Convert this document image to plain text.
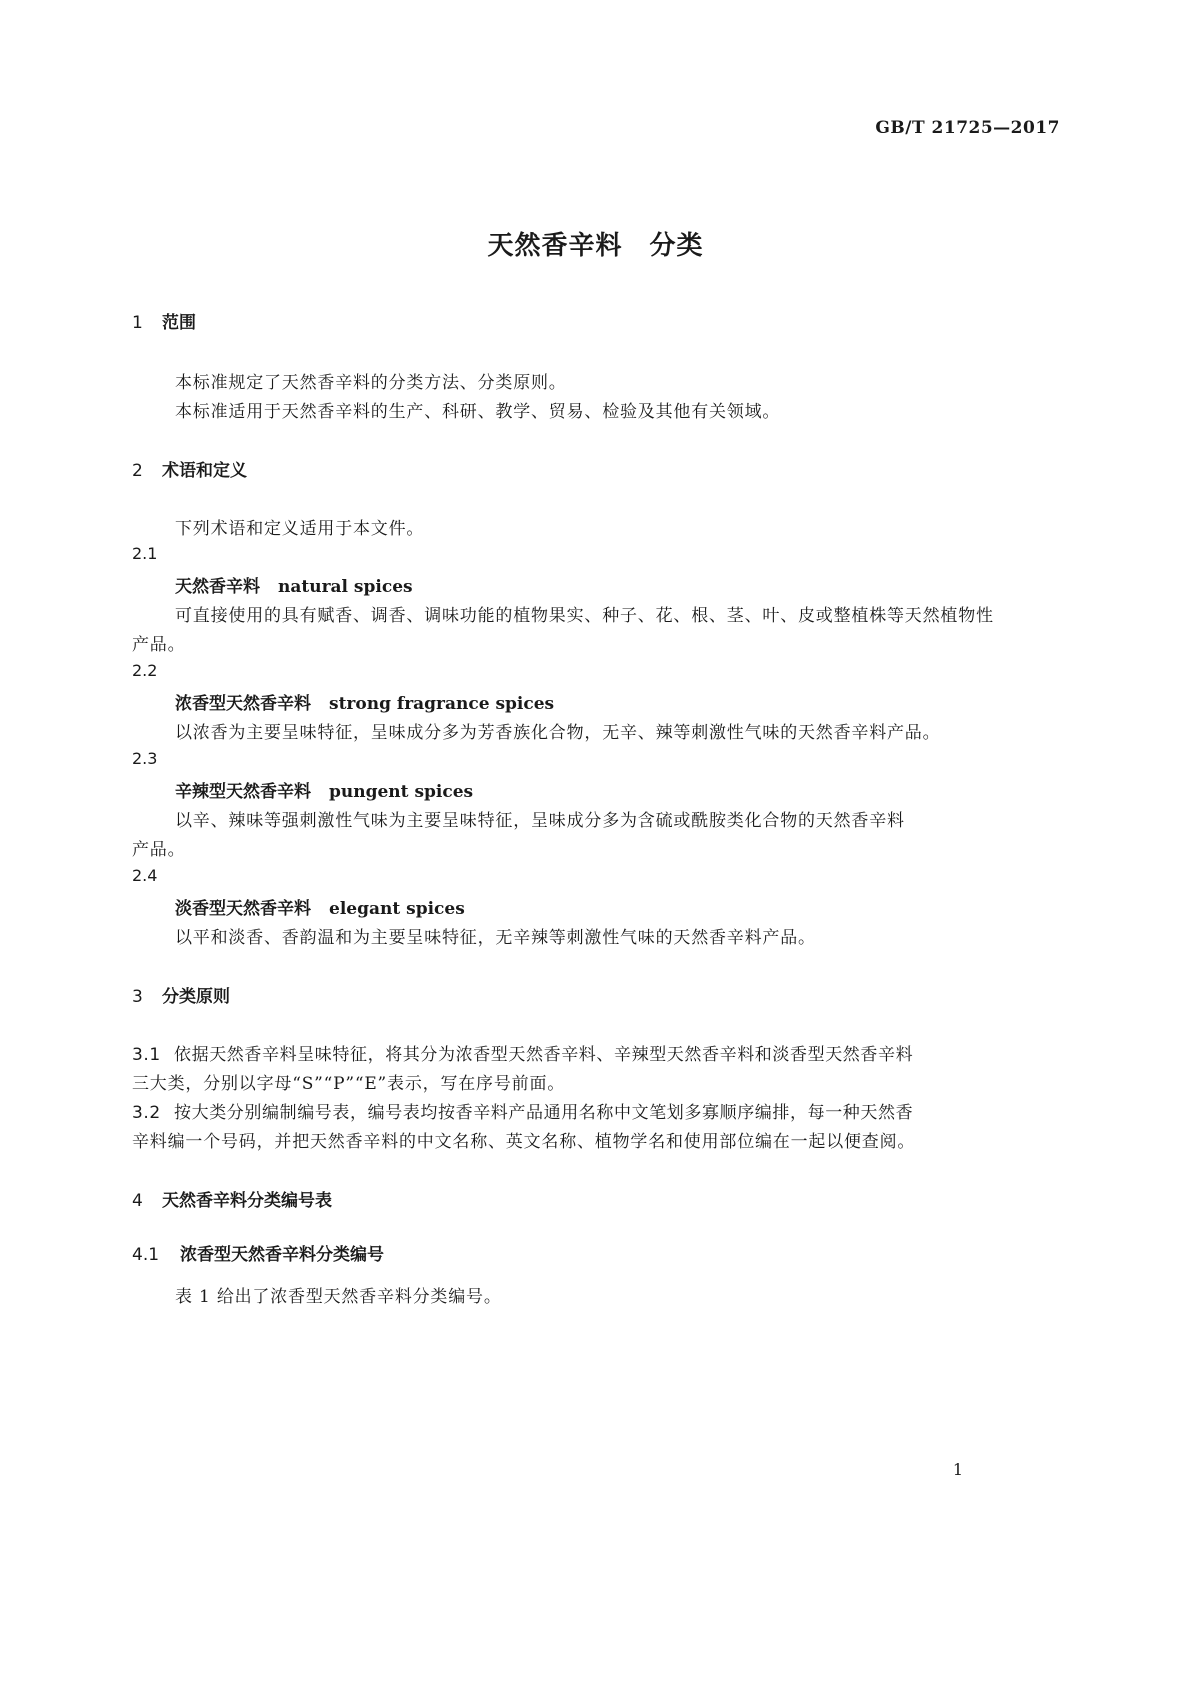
GB/T 21725—2017
天然香辛料　分类
1 范围
本标准规定了天然香辛料的分类方法、分类原则。
本标准适用于天然香辛料的生产、科研、教学、贸易、检验及其他有关领域。
2 术语和定义
下列术语和定义适用于本文件。
2.1
天然香辛料 natural spices
可直接使用的具有赋香、调香、调味功能的植物果实、种子、花、根、茎、叶、皮或整植株等天然植物性
产品。
2.2
浓香型天然香辛料 strong fragrance spices
以浓香为主要呈味特征，呈味成分多为芳香族化合物，无辛、辣等刺激性气味的天然香辛料产品。
2.3
辛辣型天然香辛料 pungent spices
以辛、辣味等强刺激性气味为主要呈味特征，呈味成分多为含硫或酰胺类化合物的天然香辛料
产品。
2.4
淡香型天然香辛料 elegant spices
以平和淡香、香韵温和为主要呈味特征，无辛辣等刺激性气味的天然香辛料产品。
3 分类原则
3.1 依据天然香辛料呈味特征，将其分为浓香型天然香辛料、辛辣型天然香辛料和淡香型天然香辛料
三大类，分别以字母“S”“P”“E”表示，写在序号前面。
3.2 按大类分别编制编号表，编号表均按香辛料产品通用名称中文笔划多寡顺序编排，每一种天然香
辛料编一个号码，并把天然香辛料的中文名称、英文名称、植物学名和使用部位编在一起以便查阅。
4 天然香辛料分类编号表
4.1 浓香型天然香辛料分类编号
表 1 给出了浓香型天然香辛料分类编号。
1
